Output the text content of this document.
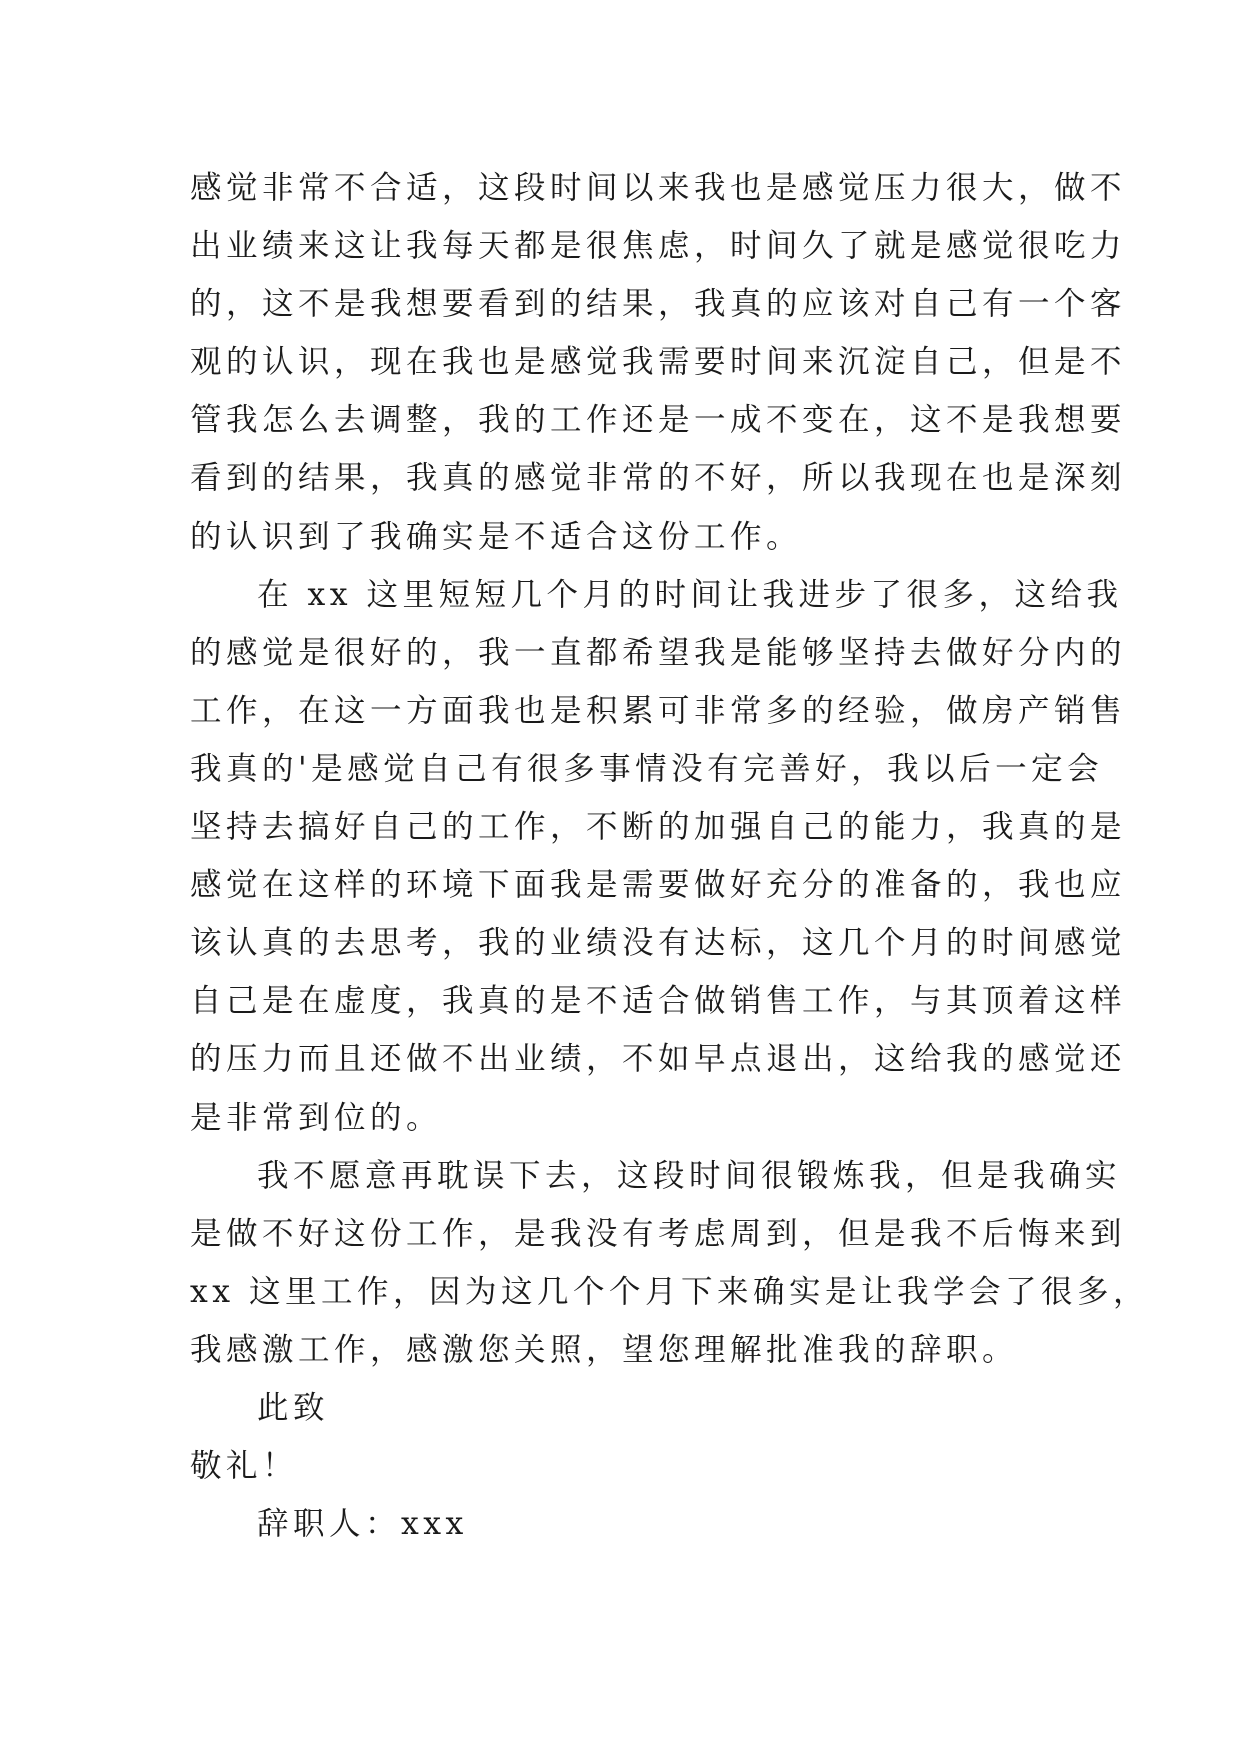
感觉非常不合适，这段时间以来我也是感觉压力很大，做不

出业绩来这让我每天都是很焦虑，时间久了就是感觉很吃力

的，这不是我想要看到的结果，我真的应该对自己有一个客

观的认识，现在我也是感觉我需要时间来沉淀自己，但是不

管我怎么去调整，我的工作还是一成不变在，这不是我想要

看到的结果，我真的感觉非常的不好，所以我现在也是深刻

的认识到了我确实是不适合这份工作。

在 xx 这里短短几个月的时间让我进步了很多，这给我

的感觉是很好的，我一直都希望我是能够坚持去做好分内的

工作，在这一方面我也是积累可非常多的经验，做房产销售

我真的'是感觉自己有很多事情没有完善好，我以后一定会

坚持去搞好自己的工作，不断的加强自己的能力，我真的是

感觉在这样的环境下面我是需要做好充分的准备的，我也应

该认真的去思考，我的业绩没有达标，这几个月的时间感觉

自己是在虚度，我真的是不适合做销售工作，与其顶着这样

的压力而且还做不出业绩，不如早点退出，这给我的感觉还

是非常到位的。

我不愿意再耽误下去，这段时间很锻炼我，但是我确实

是做不好这份工作，是我没有考虑周到，但是我不后悔来到

xx 这里工作，因为这几个个月下来确实是让我学会了很多，

我感激工作，感激您关照，望您理解批准我的辞职。

此致

敬礼！

辞职人：xxx
